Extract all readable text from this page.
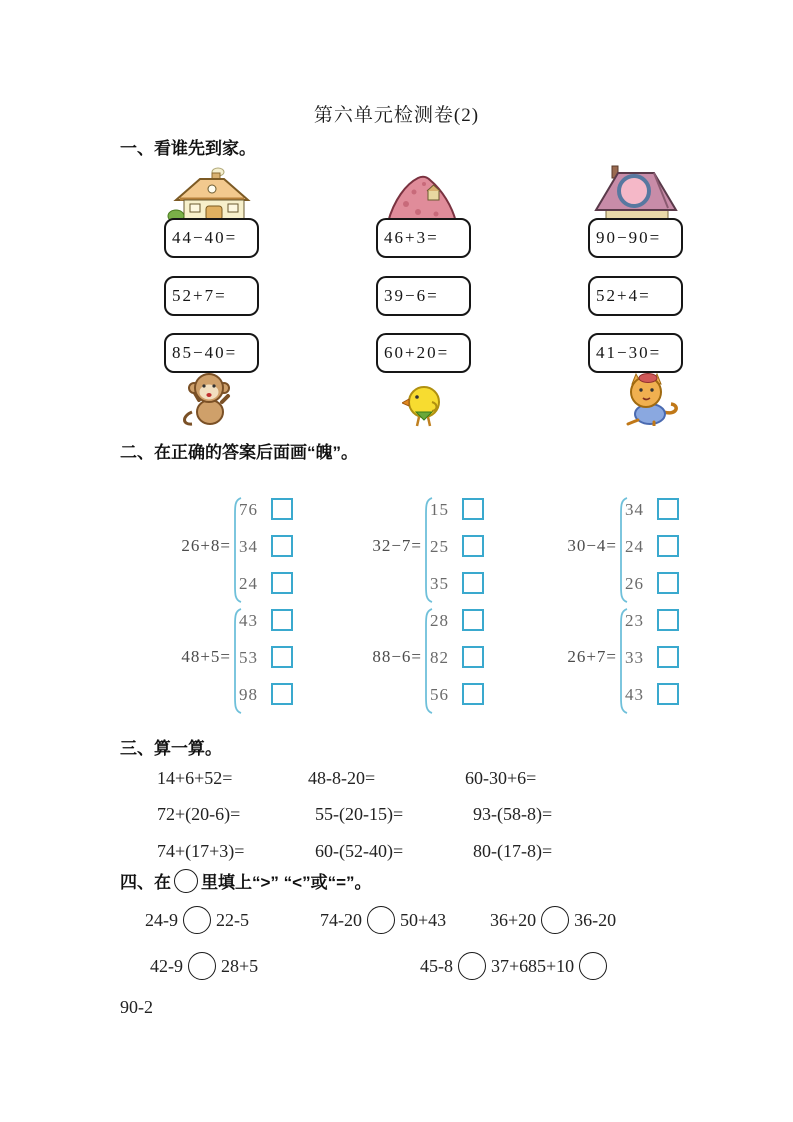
第六单元检测卷(2)
一、看谁先到家。
44−40=
52+7=
85−40=
46+3=
39−6=
60+20=
90−90=
52+4=
41−30=
二、在正确的答案后面画“魄”。
26+8=
76
34
24
32−7=
15
25
35
30−4=
34
24
26
48+5=
43
53
98
88−6=
28
82
56
26+7=
23
33
43
三、算一算。
14+6+52=	48-8-20=	60-30+6=
72+(20-6)=	55-(20-15)=	93-(58-8)=
74+(17+3)=	60-(52-40)=	80-(17-8)=
四、在 里填上“>” “<”或“=”。
24-9 22-5	74-20 50+43 36+20 36-20
42-9 28+5	45-8 37+6 85+10
90-2
